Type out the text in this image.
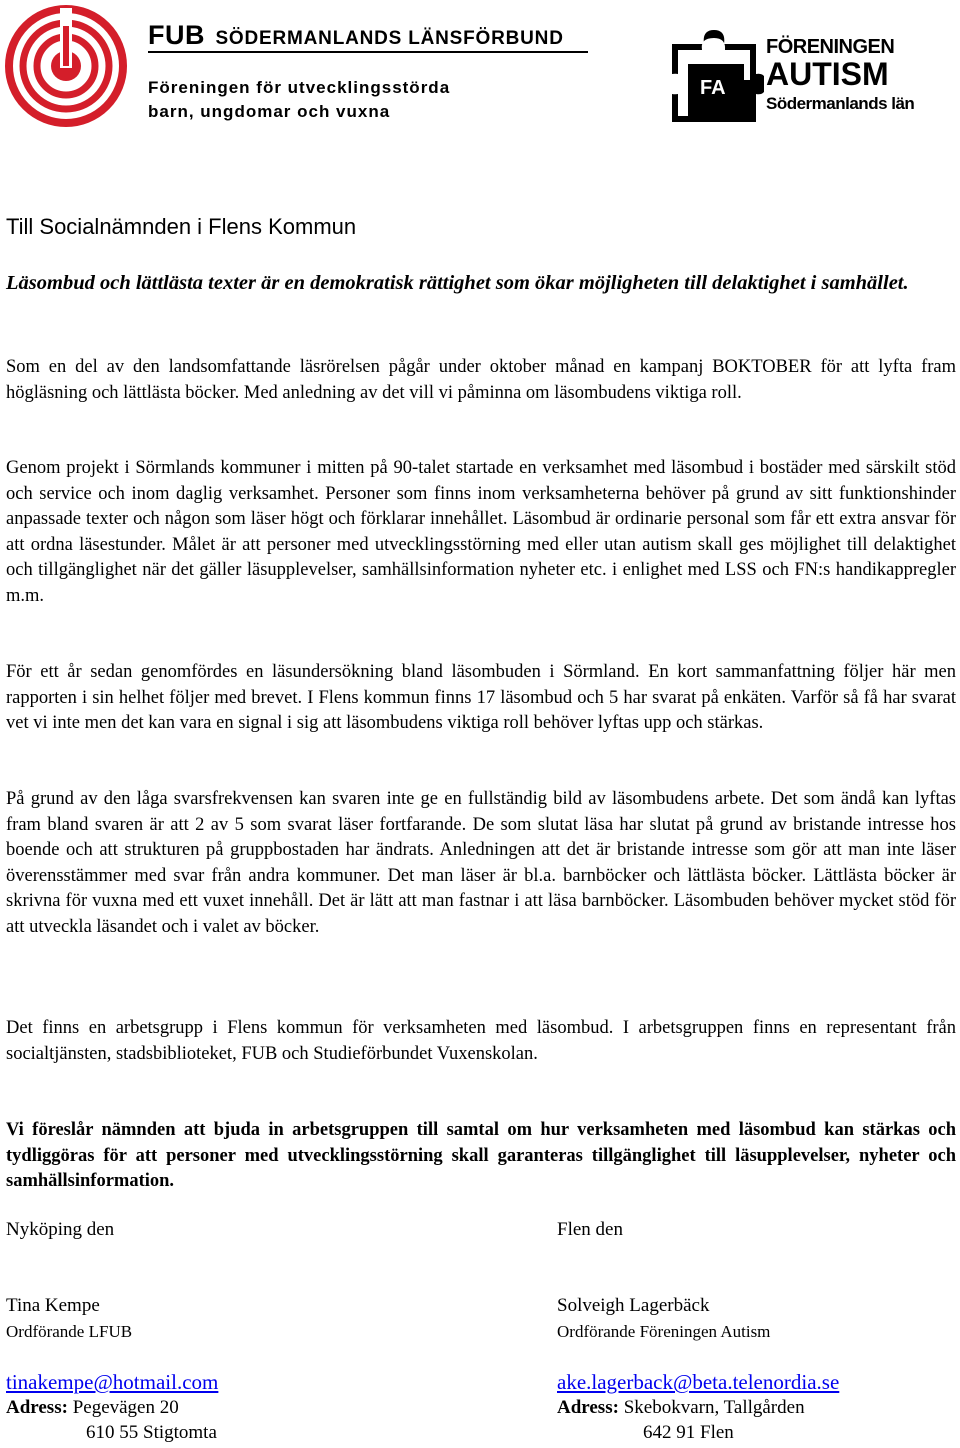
FUB SÖDERMANLANDS LÄNSFÖRBUND
Föreningen för utvecklingsstörda
barn, ungdomar och vuxna
FA
FÖRENINGEN
AUTISM
Södermanlands län
Till Socialnämnden i Flens Kommun
Läsombud och lättlästa texter är en demokratisk rättighet som ökar möjligheten till delaktighet i samhället.
Som en del av den landsomfattande läsrörelsen pågår under oktober månad en kampanj BOKTOBER för att lyfta fram högläsning och lättlästa böcker. Med anledning av det vill vi påminna om läsombudens viktiga roll.
Genom projekt i Sörmlands kommuner i mitten på 90-talet startade en verksamhet med läsombud i bostäder med särskilt stöd och service och inom daglig verksamhet. Personer som finns inom verksamheterna behöver på grund av sitt funktionshinder anpassade texter och någon som läser högt och förklarar innehållet. Läsombud är ordinarie personal som får ett extra ansvar för att ordna läsestunder. Målet är att personer med utvecklingsstörning med eller utan autism skall ges möjlighet till delaktighet och tillgänglighet när det gäller läsupplevelser, samhällsinformation nyheter etc. i enlighet med LSS och FN:s handikappregler m.m.
För ett år sedan genomfördes en läsundersökning bland läsombuden i Sörmland. En kort sammanfattning följer här men rapporten i sin helhet följer med brevet. I Flens kommun finns 17 läsombud och 5 har svarat på enkäten. Varför så få har svarat vet vi inte men det kan vara en signal i sig att läsombudens viktiga roll behöver lyftas upp och stärkas.
På grund av den låga svarsfrekvensen kan svaren inte ge en fullständig bild av läsombudens arbete. Det som ändå kan lyftas fram bland svaren är att 2 av 5 som svarat läser fortfarande. De som slutat läsa har slutat på grund av bristande intresse hos boende och att strukturen på gruppbostaden har ändrats. Anledningen att det är bristande intresse som gör att man inte läser överensstämmer med svar från andra kommuner. Det man läser är bl.a. barnböcker och lättlästa böcker. Lättlästa böcker är skrivna för vuxna med ett vuxet innehåll. Det är lätt att man fastnar i att läsa barnböcker. Läsombuden behöver mycket stöd för att utveckla läsandet och i valet av böcker.
Det finns en arbetsgrupp i Flens kommun för verksamheten med läsombud. I arbetsgruppen finns en representant från socialtjänsten, stadsbiblioteket, FUB och Studieförbundet Vuxenskolan.
Vi föreslår nämnden att bjuda in arbetsgruppen till samtal om hur verksamheten med läsombud kan stärkas och tydliggöras för att personer med utvecklingsstörning skall garanteras tillgänglighet till läsupplevelser, nyheter och samhällsinformation.
Nyköping den
Tina Kempe
Ordförande LFUB
tinakempe@hotmail.com
Adress: Pegevägen 20
610 55 Stigtomta
Flen den
Solveigh Lagerbäck
Ordförande Föreningen Autism
ake.lagerback@beta.telenordia.se
Adress: Skebokvarn, Tallgården
642 91 Flen
